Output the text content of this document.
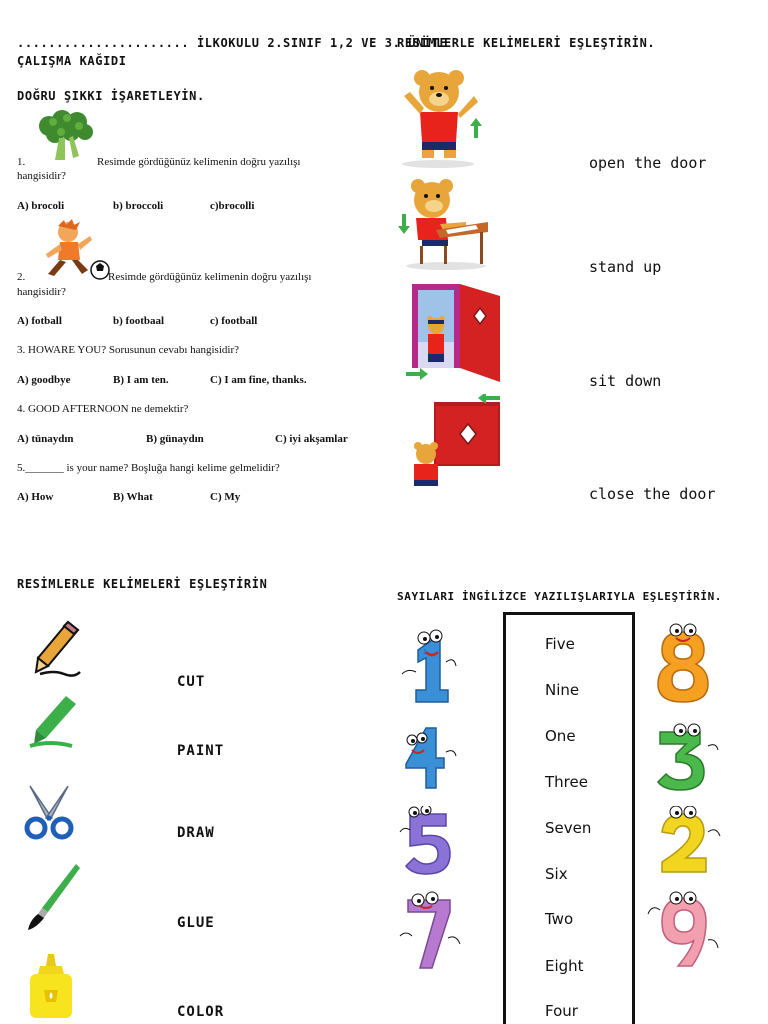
...................... İLKOKULU 2.SINIF 1,2 VE 3. ÜNİTE
ÇALIŞMA KAĞIDI
DOĞRU ŞIKKI İŞARETLEYİN.
1.	Resimde gördüğünüz kelimenin doğru yazılışı
hangisidir?
A) brocoli	b) broccoli	c)brocolli
2.	Resimde gördüğünüz kelimenin doğru yazılışı
hangisidir?
A) fotball	b) footbaal	c) football
3. HOWARE YOU? Sorusunun cevabı hangisidir?
A) goodbye	B) I am ten.	C) I am fine, thanks.
4. GOOD AFTERNOON ne demektir?
A) tünaydın	B) günaydın	C) iyi akşamlar
5._______ is your name? Boşluğa hangi kelime gelmelidir?
A) How	B) What	C) My
RESİMLERLE KELİMELERİ EŞLEŞTİRİN.
open the door
stand up
sit down
close the door
RESİMLERLE KELİMELERİ EŞLEŞTİRİN
CUT
PAINT
DRAW
GLUE
COLOR
SAYILARI İNGİLİZCE YAZILIŞLARIYLA EŞLEŞTİRİN.
1	Five
Nine
One
Three
Seven
Six
Two
Eight
Four
